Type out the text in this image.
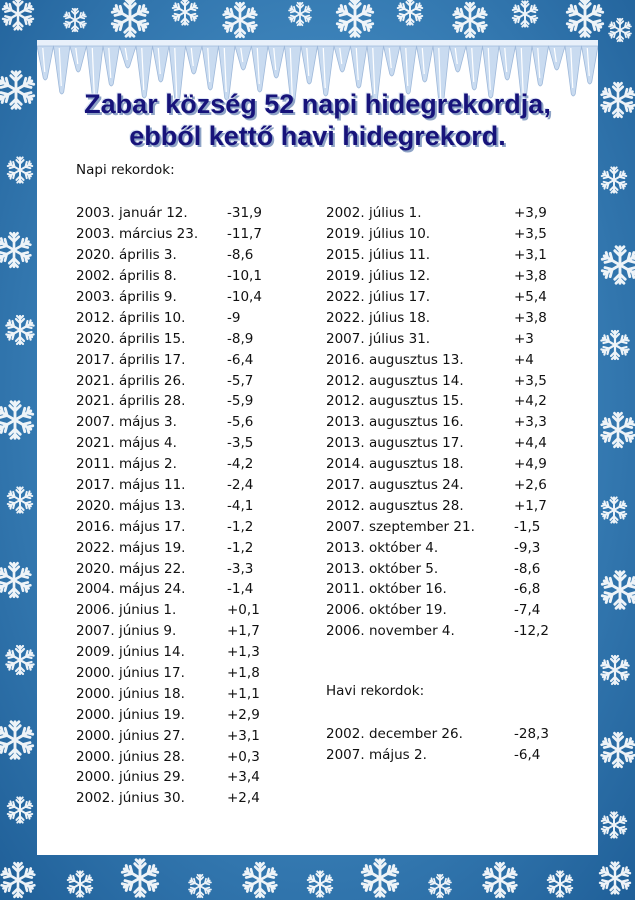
Zabar község 52 napi hidegrekordja,
ebből kettő havi hidegrekord.
Napi rekordok:
2003. január 12.	-31,9
2003. március 23.	-11,7
2020. április 3.	-8,6
2002. április 8.	-10,1
2003. április 9.	-10,4
2012. április 10.	-9
2020. április 15.	-8,9
2017. április 17.	-6,4
2021. április 26.	-5,7
2021. április 28.	-5,9
2007. május 3.	-5,6
2021. május 4.	-3,5
2011. május 2.	-4,2
2017. május 11.	-2,4
2020. május 13.	-4,1
2016. május 17.	-1,2
2022. május 19.	-1,2
2020. május 22.	-3,3
2004. május 24.	-1,4
2006. június 1.	+0,1
2007. június 9.	+1,7
2009. június 14.	+1,3
2000. június 17.	+1,8
2000. június 18.	+1,1
2000. június 19.	+2,9
2000. június 27.	+3,1
2000. június 28.	+0,3
2000. június 29.	+3,4
2002. június 30.	+2,4
2002. július 1.	+3,9
2019. július 10.	+3,5
2015. július 11.	+3,1
2019. július 12.	+3,8
2022. július 17.	+5,4
2022. július 18.	+3,8
2007. július 31.	+3
2016. augusztus 13.	+4
2012. augusztus 14.	+3,5
2012. augusztus 15.	+4,2
2013. augusztus 16.	+3,3
2013. augusztus 17.	+4,4
2014. augusztus 18.	+4,9
2017. augusztus 24.	+2,6
2012. augusztus 28.	+1,7
2007. szeptember 21.	-1,5
2013. október 4.	-9,3
2013. október 5.	-8,6
2011. október 16.	-6,8
2006. október 19.	-7,4
2006. november 4.	-12,2
Havi rekordok:
2002. december 26.	-28,3
2007. május 2.	-6,4
